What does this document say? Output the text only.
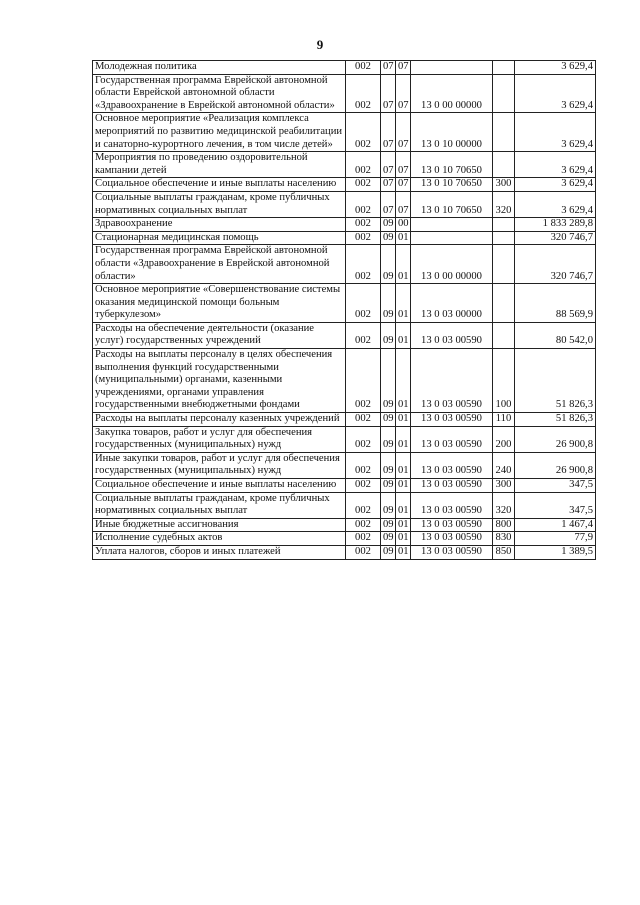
9
Молодежная политика	002	07	07			3 629,4
Государственная программа Еврейской автономной области Еврейской автономной области «Здравоохранение в Еврейской автономной области»	002	07	07	13 0 00 00000		3 629,4
Основное мероприятие «Реализация комплекса мероприятий по развитию медицинской реабилитации и санаторно-курортного лечения, в том числе детей»	002	07	07	13 0 10 00000		3 629,4
Мероприятия по проведению оздоровительной кампании детей	002	07	07	13 0 10 70650		3 629,4
Социальное обеспечение и иные выплаты населению	002	07	07	13 0 10 70650	300	3 629,4
Социальные выплаты гражданам, кроме публичных нормативных социальных выплат	002	07	07	13 0 10 70650	320	3 629,4
Здравоохранение	002	09	00			1 833 289,8
Стационарная медицинская помощь	002	09	01			320 746,7
Государственная программа Еврейской автономной области «Здравоохранение в Еврейской автономной области»	002	09	01	13 0 00 00000		320 746,7
Основное мероприятие «Совершенствование системы оказания медицинской помощи больным туберкулезом»	002	09	01	13 0 03 00000		88 569,9
Расходы на обеспечение деятельности (оказание услуг) государственных учреждений	002	09	01	13 0 03 00590		80 542,0
Расходы на выплаты персоналу в целях обеспечения выполнения функций государственными (муниципальными) органами, казенными учреждениями, органами управления государственными внебюджетными фондами	002	09	01	13 0 03 00590	100	51 826,3
Расходы на выплаты персоналу казенных учреждений	002	09	01	13 0 03 00590	110	51 826,3
Закупка товаров, работ и услуг для обеспечения государственных (муниципальных) нужд	002	09	01	13 0 03 00590	200	26 900,8
Иные закупки товаров, работ и услуг для обеспечения государственных (муниципальных) нужд	002	09	01	13 0 03 00590	240	26 900,8
Социальное обеспечение и иные выплаты населению	002	09	01	13 0 03 00590	300	347,5
Социальные выплаты гражданам, кроме публичных нормативных социальных выплат	002	09	01	13 0 03 00590	320	347,5
Иные бюджетные ассигнования	002	09	01	13 0 03 00590	800	1 467,4
Исполнение судебных актов	002	09	01	13 0 03 00590	830	77,9
Уплата налогов, сборов и иных платежей	002	09	01	13 0 03 00590	850	1 389,5
